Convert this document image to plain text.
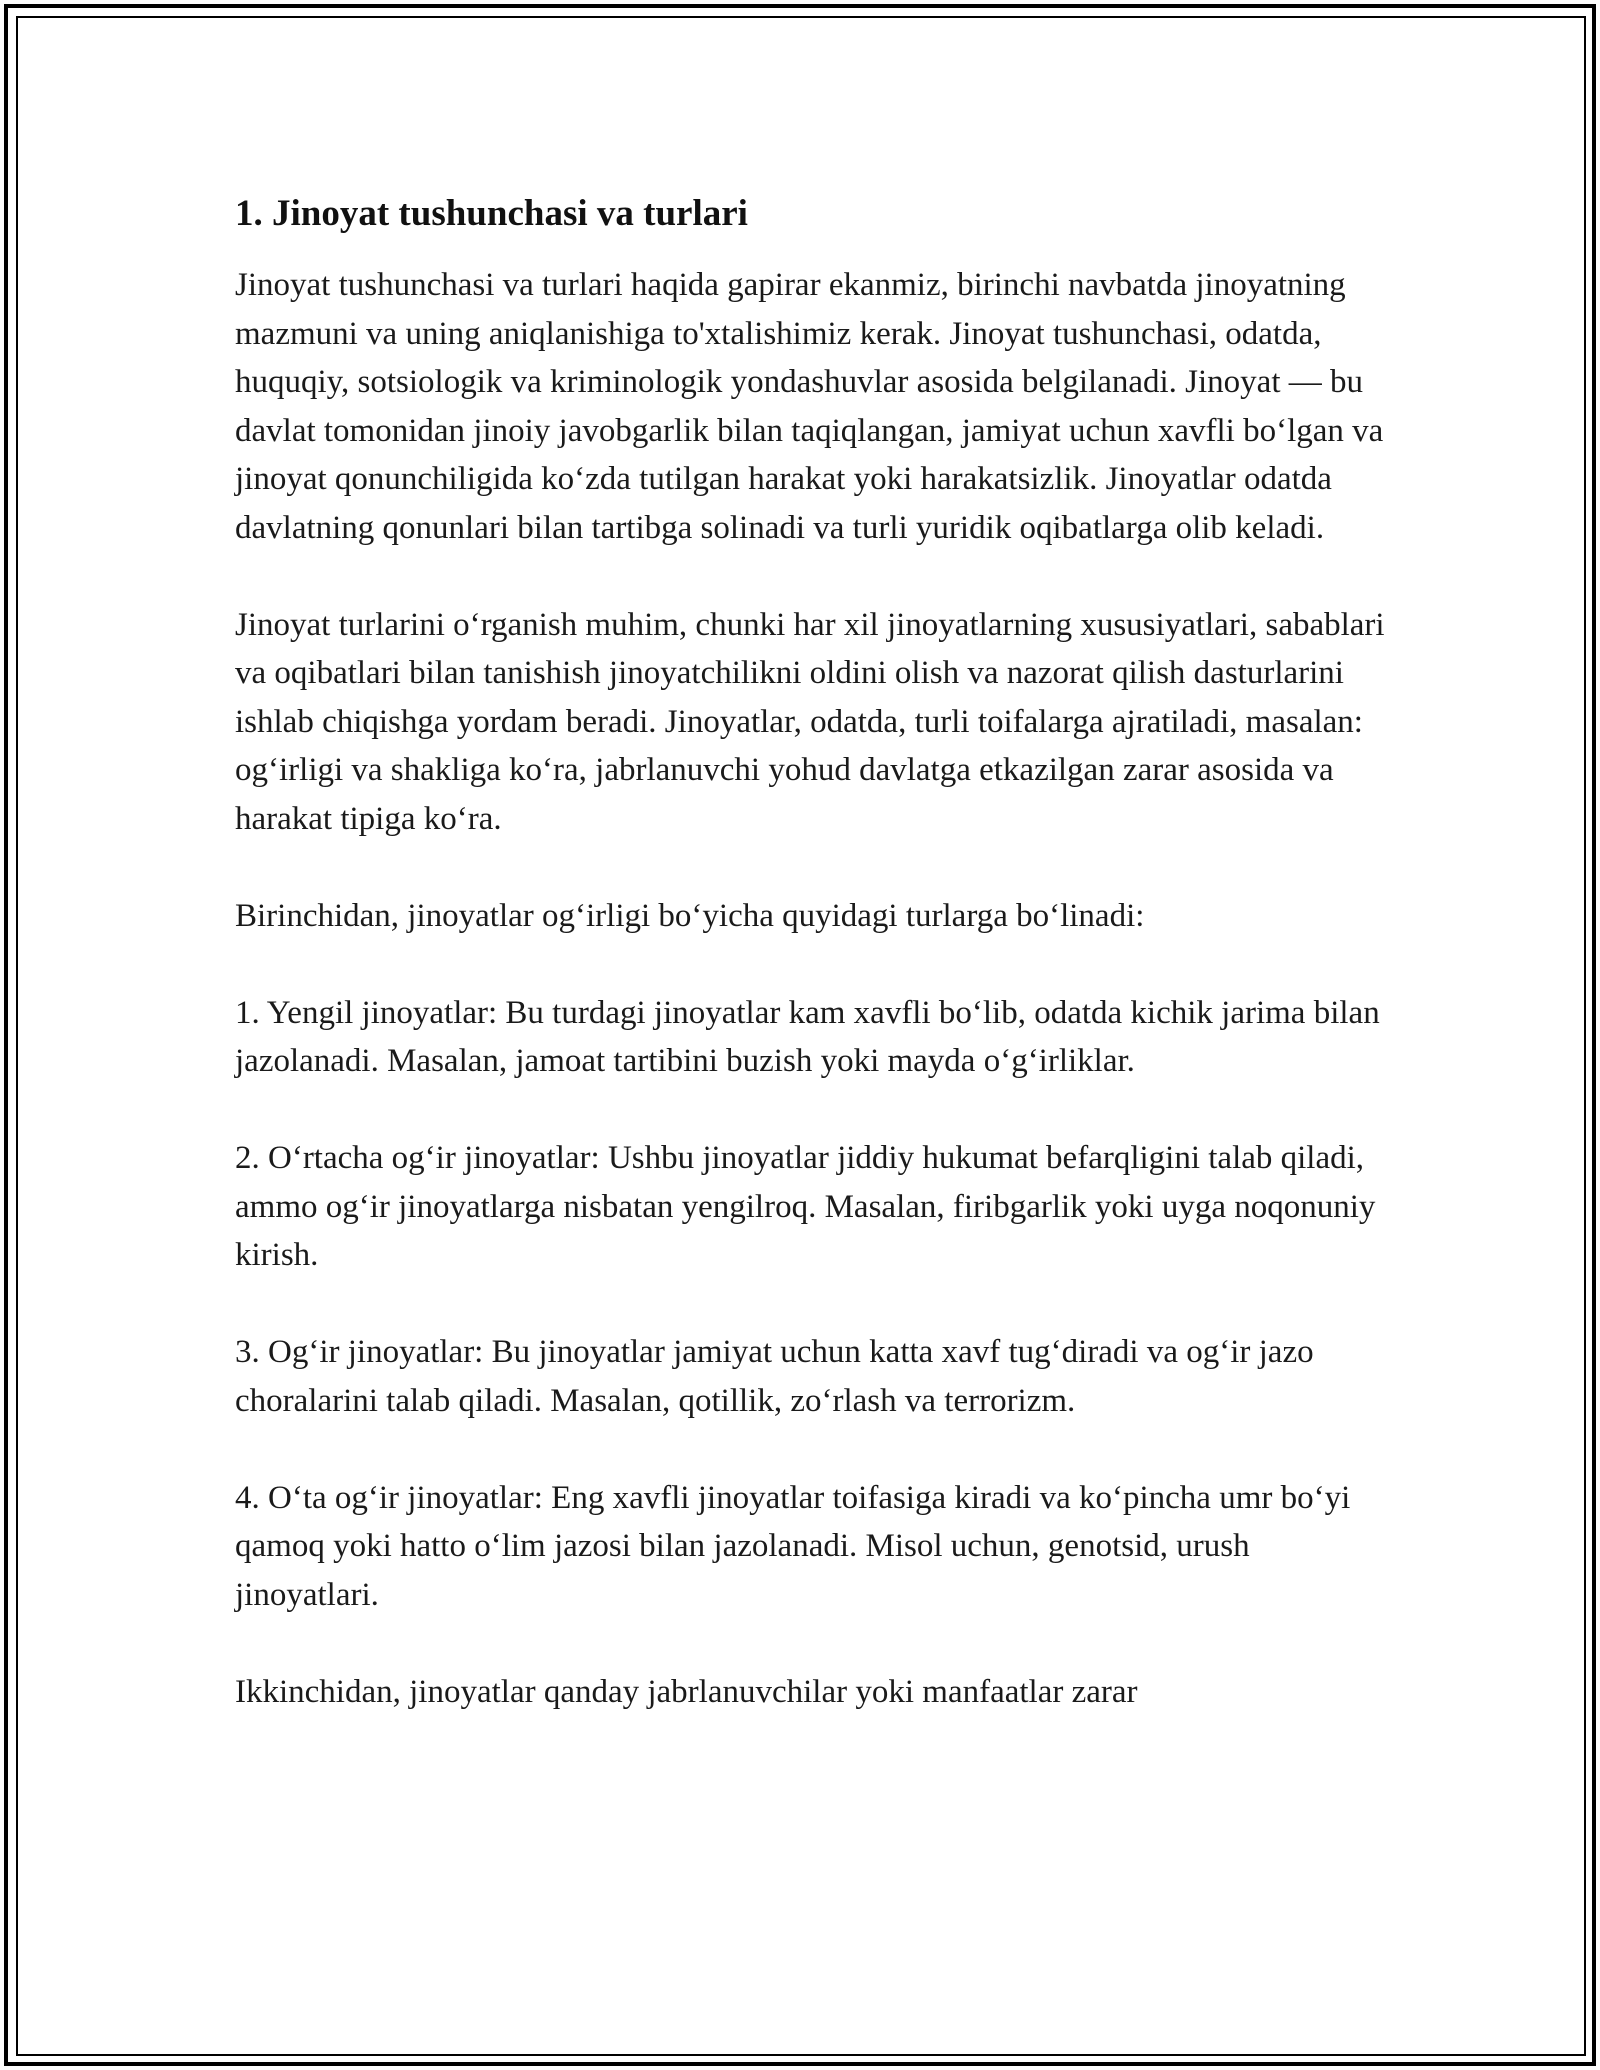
1. Jinoyat tushunchasi va turlari

Jinoyat tushunchasi va turlari haqida gapirar ekanmiz, birinchi navbatda jinoyatning mazmuni va uning aniqlanishiga to'xtalishimiz kerak. Jinoyat tushunchasi, odatda, huquqiy, sotsiologik va kriminologik yondashuvlar asosida belgilanadi. Jinoyat — bu davlat tomonidan jinoiy javobgarlik bilan taqiqlangan, jamiyat uchun xavfli boʻlgan va jinoyat qonunchiligida koʻzda tutilgan harakat yoki harakatsizlik. Jinoyatlar odatda davlatning qonunlari bilan tartibga solinadi va turli yuridik oqibatlarga olib keladi.

Jinoyat turlarini oʻrganish muhim, chunki har xil jinoyatlarning xususiyatlari, sabablari va oqibatlari bilan tanishish jinoyatchilikni oldini olish va nazorat qilish dasturlarini ishlab chiqishga yordam beradi. Jinoyatlar, odatda, turli toifalarga ajratiladi, masalan: ogʻirligi va shakliga koʻra, jabrlanuvchi yohud davlatga etkazilgan zarar asosida va harakat tipiga koʻra.

Birinchidan, jinoyatlar ogʻirligi boʻyicha quyidagi turlarga boʻlinadi:

1. Yengil jinoyatlar: Bu turdagi jinoyatlar kam xavfli boʻlib, odatda kichik jarima bilan jazolanadi. Masalan, jamoat tartibini buzish yoki mayda oʻgʻirliklar.

2. Oʻrtacha ogʻir jinoyatlar: Ushbu jinoyatlar jiddiy hukumat befarqligini talab qiladi, ammo ogʻir jinoyatlarga nisbatan yengilroq. Masalan, firibgarlik yoki uyga noqonuniy kirish.

3. Ogʻir jinoyatlar: Bu jinoyatlar jamiyat uchun katta xavf tugʻdiradi va ogʻir jazo choralarini talab qiladi. Masalan, qotillik, zoʻrlash va terrorizm.

4. Oʻta ogʻir jinoyatlar: Eng xavfli jinoyatlar toifasiga kiradi va koʻpincha umr boʻyi qamoq yoki hatto oʻlim jazosi bilan jazolanadi. Misol uchun, genotsid, urush jinoyatlari.

Ikkinchidan, jinoyatlar qanday jabrlanuvchilar yoki manfaatlar zarar
